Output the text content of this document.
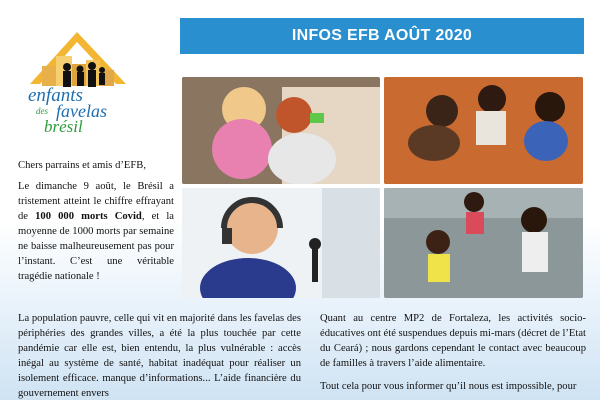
enfants
des favelas
brésil
INFOS EFB AOÛT 2020

Chers parrains et amis d’EFB,

Le dimanche 9 août, le Brésil a tristement atteint le chiffre effrayant de 100 000 morts Covid, et la moyenne de 1000 morts par semaine ne baisse malheureusement pas pour l’instant. C’est une véritable tragédie nationale !

La population pauvre, celle qui vit en majorité dans les favelas des périphéries des grandes villes, a été la plus touchée par cette pandémie car elle est, bien entendu, la plus vulnérable : accès inégal au système de santé, habitat inadéquat pour réaliser un isolement efficace. manque d’informations... L’aide financière du gouvernement envers

Quant au centre MP2 de Fortaleza, les activités socio-éducatives ont été suspendues depuis mi-mars (décret de l’Etat du Ceará) ; nous gardons cependant le contact avec beaucoup de familles à travers l’aide alimentaire.

Tout cela pour vous informer qu’il nous est impossible, pour
